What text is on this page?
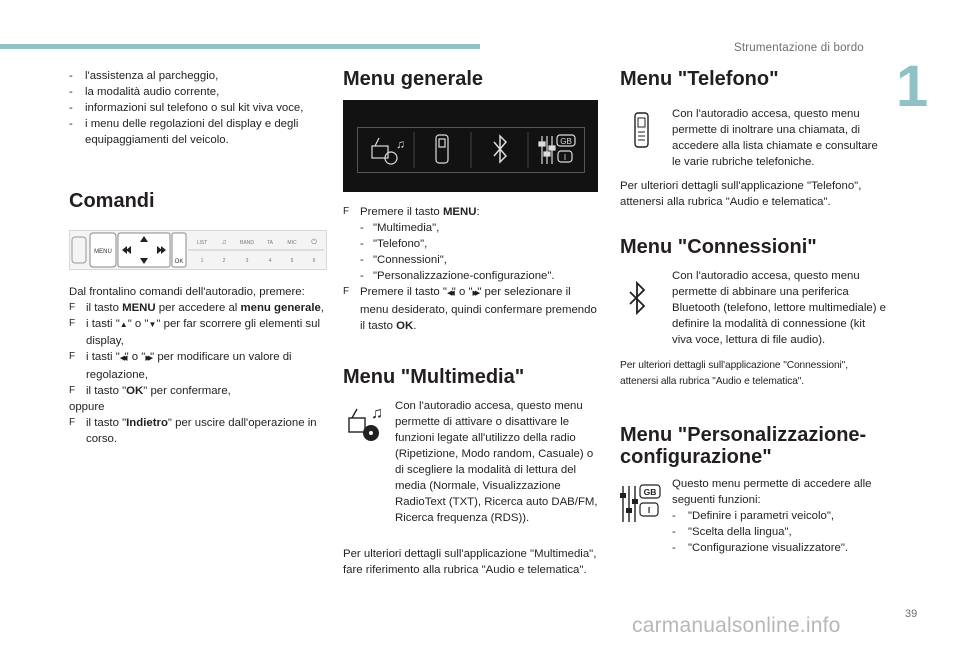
Strumentazione di bordo
1
- l'assistenza al parcheggio,
- la modalità audio corrente,
- informazioni sul telefono o sul kit viva voce,
- i menu delle regolazioni del display e degli equipaggiamenti del veicolo.
Comandi
MENU
OK
LIST ♫	BAND	TA	MIC ⏻
1	2	3	4	5	6

Dal frontalino comandi dell'autoradio, premere:

F il tasto MENU per accedere al menu generale,
F i tasti "▲" o "▼" per far scorrere gli elementi sul display,
F i tasti "◀◀" o "▶▶" per modificare un valore di regolazione,
F il tasto "OK" per confermare,

oppure

F il tasto "Indietro" per uscire dall'operazione in corso.
Menu generale
♫	GB
I
F Premere il tasto MENU:
- "Multimedia",
- "Telefono",
- "Connessioni",
- "Personalizzazione-configurazione".
F Premere il tasto "◀◀" o "▶▶" per selezionare il menu desiderato, quindi confermare premendo il tasto OK.
Menu "Multimedia"
♫ Con l'autoradio accesa, questo menu permette di attivare o disattivare le funzioni legate all'utilizzo della radio (Ripetizione, Modo random, Casuale) o di scegliere la modalità di lettura del media (Normale, Visualizzazione RadioText (TXT), Ricerca auto DAB/FM, Ricerca frequenza (RDS)).

Per ulteriori dettagli sull'applicazione "Multimedia", fare riferimento alla rubrica "Audio e telematica".

Menu "Telefono"

Con l'autoradio accesa, questo menu permette di inoltrare una chiamata, di accedere alla lista chiamate e consultare le varie rubriche telefoniche.

Per ulteriori dettagli sull'applicazione "Telefono", attenersi alla rubrica "Audio e telematica".

Menu "Connessioni"

Con l'autoradio accesa, questo menu permette di abbinare una periferica Bluetooth (telefono, lettore multimediale) e definire la modalità di connessione (kit viva voce, lettura di file audio).

Per ulteriori dettagli sull'applicazione "Connessioni", attenersi alla rubrica "Audio e telematica".

Menu "Personalizzazione-configurazione"
GB
I

Questo menu permette di accedere alle seguenti funzioni:

- "Definire i parametri veicolo",
- "Scelta della lingua",
- "Configurazione visualizzatore".
39
carmanualsonline.info
